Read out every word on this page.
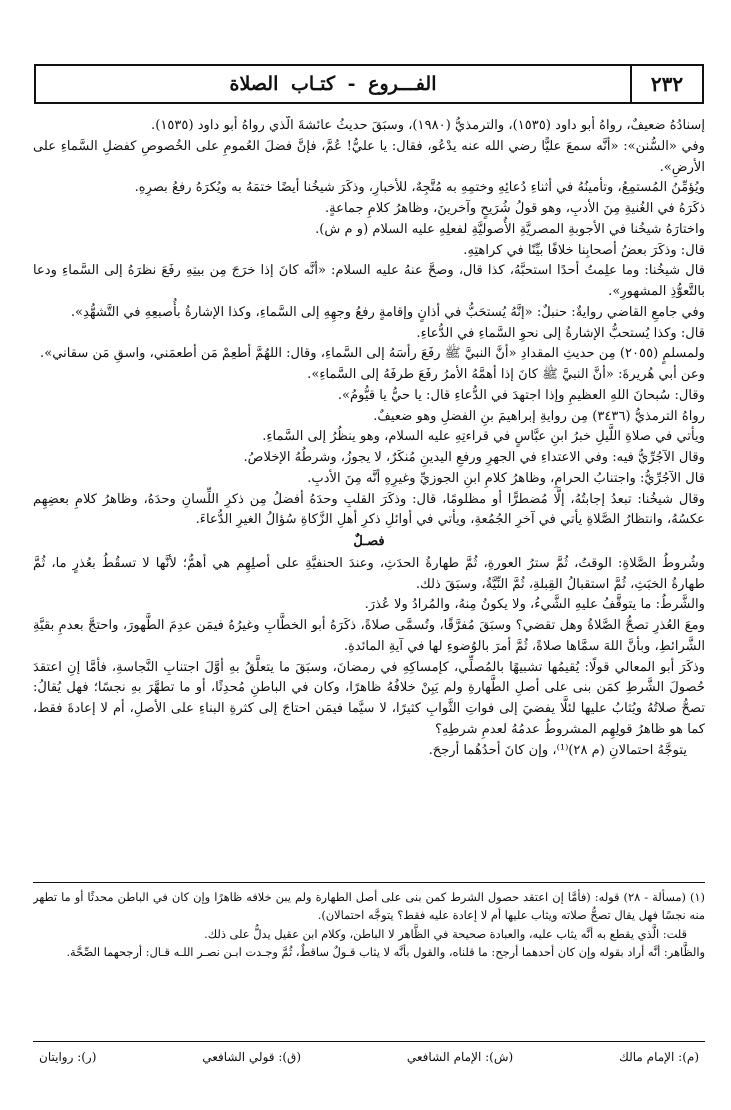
٢٣٢
الفـــروع - كتـاب الصلاة

إسنادُهُ ضعيفٌ، رواهُ أبو داود (١٥٣٥)، والترمذيُّ (١٩٨٠)، وسبَقَ حديثُ عائشةَ الَّذي رواهُ أبو داود (١٥٣٥).

وفي «السُّنن»: «أنَّه سمعَ عليًّا رضي الله عنه يدْعُو، فقال: يا عليُّ! عُمَّ، فإنَّ فضلَ العُمومِ على الخُصوصِ كفضلِ السَّماءِ على الأرضِ».

ويُؤمِّنُ المُستمِعُ، وتأمينُهُ في أثناءِ دُعائِهِ وختمِهِ به مُتَّجِهٌ، للأخبارِ، وذكَرَ شيخُنا أيضًا ختمَهُ به ويُكرَهُ رفعُ بصرِهِ.

ذكَرَهُ في الغُنيةِ مِنَ الأدبِ، وهو قولُ شُرَيحٍ وآخرينَ، وظاهرُ كلامِ جماعةٍ.

واختارَهُ شيخُنا في الأجوبةِ المصريَّةِ الأُصوليَّةِ لفعلِهِ عليه السلام (و م ش).

قال: وذكَرَ بعضُ أصحابِنا خلافًا بيِّنًا في كراهتِهِ.

قال شيخُنا: وما علِمتُ أحدًا استحبَّهُ، كذا قال، وصحَّ عنهُ عليه السلام: «أنَّه كانَ إذا خرَجَ مِن بيتِهِ رفَعَ نظرَهُ إلى السَّماءِ ودعا بالتَّعوُّذِ المشهورِ».

وفي جامعِ القاضي روايةٌ: حنبلٌ: «إنَّهُ يُستحَبُّ في أذانٍ وإقامةٍ رفعُ وجهِهِ إلى السَّماءِ، وكذا الإشارةُ بأُصبعِهِ في التَّشهُّدِ».

قال: وكذا يُستحبُّ الإشارةُ إلى نحوِ السَّماءِ في الدُّعاءِ.

ولمسلمٍ (٢٠٥٥) مِن حديثِ المقدادِ «أنَّ النبيَّ ﷺ رفَعَ رأسَهُ إلى السَّماءِ، وقال: اللهُمَّ أطعِمْ مَن أطعمَني، واسقِ مَن سقاني».

وعن أبي هُريرةَ: «أنَّ النبيَّ ﷺ كانَ إذا أهمَّهُ الأمرُ رفَعَ طرفَهُ إلى السَّماءِ».

وقال: سُبحانَ اللهِ العظيمِ وإذا اجتهدَ في الدُّعاءِ قال: يا حيُّ يا قيُّومُ».

رواهُ الترمذيُّ (٣٤٣٦) مِن روايةِ إبراهيمَ بنِ الفضلِ وهو ضعيفٌ.

ويأتي في صلاةِ اللَّيلِ خبرُ ابنِ عبَّاسٍ في قراءتِهِ عليه السلام، وهو ينظُرُ إلى السَّماءِ.

وقال الآجُرِّيُّ فيه: وفي الاعتداءِ في الجهرِ ورفعِ اليدينِ مُنكَرٌ، لا يجوزُ، وشرطُهُ الإخلاصُ.

قال الآجُرِّيُّ: واجتنابُ الحرامِ، وظاهرُ كلامِ ابنِ الجوزيِّ وغيرِهِ أنَّه مِنَ الأدبِ.

وقال شيخُنا: تبعدُ إجابتُهُ، إلَّا مُضطرًّا أو مظلومًا، قال: وذكَرَ القلبِ وحدَهُ أفضلُ مِن ذكرِ اللِّسانِ وحدَهُ، وظاهرُ كلامِ بعضِهِم عكسُهُ، وانتظارُ الصَّلاةِ يأتي في آخرِ الجُمُعةِ، ويأتي في أوائلِ ذكرِ أهلِ الزَّكاةِ سُؤالُ الغيرِ الدُّعاءَ.

فصـلٌ

وشُروطُ الصَّلاةِ: الوقتُ، ثُمَّ سترُ العورةِ، ثُمَّ طهارةُ الحدَثِ، وعندَ الحنفيَّةِ على أصلِهِم هي أهمُّ؛ لأنَّها لا تسقُطُ بعُذرٍ ما، ثُمَّ طهارةُ الخبَثِ، ثُمَّ استقبالُ القِبلةِ، ثُمَّ النِّيَّةُ، وسبَقَ ذلك.

والشَّرطُ: ما يتوقَّفُ عليهِ الشَّيءُ، ولا يكونُ مِنهُ، والمُرادُ ولا عُذرَ.

ومعَ العُذرِ تصحُّ الصَّلاةُ وهل تقضي؟ وسبَقَ مُفرَّقًا، وتُسمَّى صلاةً، ذكَرَهُ أبو الخطَّابِ وغيرُهُ فيمَن عدِمَ الطَّهورَ، واحتجَّ بعدمِ بقيَّةِ الشَّرائطِ، وبأنَّ اللهَ سمَّاها صلاةً، ثُمَّ أمرَ بالوُضوءِ لها في آيةِ المائدةِ.

وذكَرَ أبو المعالي قولًا: يُقيمُها تشبيهًا بالمُصلِّي، كإمساكِهِ في رمضانَ، وسبَقَ ما يتعلَّقُ بهِ أوَّلَ اجتنابِ النَّجاسةِ، فأمَّا إنِ اعتقدَ حُصولَ الشَّرطِ كمَن بنى على أصلِ الطَّهارةِ ولم يَبِنْ خلافُهُ ظاهرًا، وكان في الباطنِ مُحدِثًا، أو ما تطهَّرَ بهِ نجسًا؛ فهل يُقالُ: تصحُّ صلاتُهُ ويُثابُ عليها لئلَّا يفضيَ إلى فواتِ الثَّوابِ كثيرًا، لا سيَّما فيمَن احتاجَ إلى كثرةِ البناءِ على الأصلِ، أم لا إعادةَ فقط، كما هو ظاهرُ قولِهِم المشروطُ عدمُهُ لعدمِ شرطِهِ؟

يتوجَّهُ احتمالانِ (م ٢٨)⁽¹⁾، وإن كانَ أحدُهُما أرجحَ.

(١) (مسألة - ٢٨) قوله: (فأمَّا إن اعتقد حصول الشرط كمن بنى على أصل الطهارة ولم يبن خلافه ظاهرًا وإن كان في الباطن محدثًا أو ما تطهر منه نجسًا فهل يقال تصحُّ صلاته ويثاب عليها أم لا إعادة عليه فقط؟ يتوجَّه احتمالان).

قلت: الَّذي يقطع به أنَّه يثاب عليه، والعبادة صحيحة في الظَّاهر لا الباطن، وكلام ابن عقيل يدلُّ على ذلك.

والظَّاهر: أنَّه أراد بقوله وإن كان أحدهما أرجح: ما قلناه، والقول بأنَّه لا يثاب قـولٌ ساقطٌ، ثُمَّ وجـدت ابـن نصـر اللـه قـال: أرجحهما الصِّحَّة.

(م): الإمام مالك
(ش): الإمام الشافعي
(ق): قولي الشافعي
(ر): روايتان
